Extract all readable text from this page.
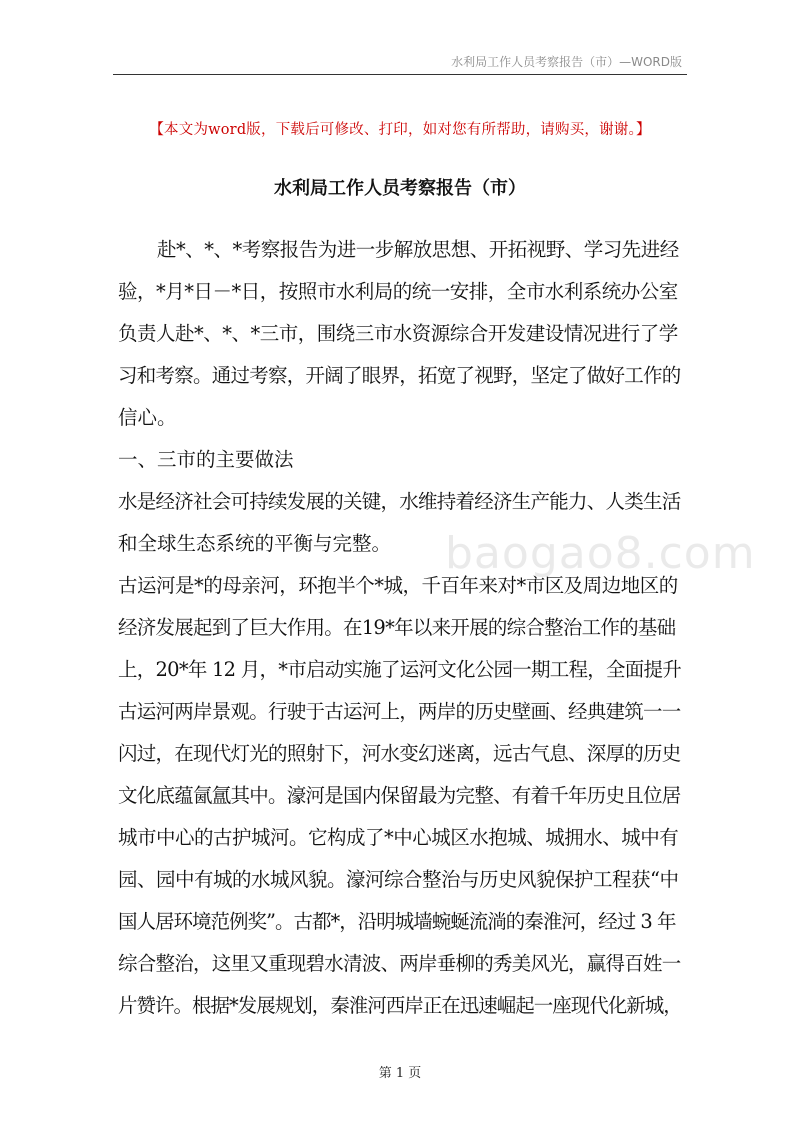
水利局工作人员考察报告（市）—WORD版
【本文为word版，下载后可修改、打印，如对您有所帮助，请购买，谢谢。】
水利局工作人员考察报告（市）
赴*、*、*考察报告为进一步解放思想、开拓视野、学习先进经
验，*月*日－*日，按照市水利局的统一安排，全市水利系统办公室
负责人赴*、*、*三市，围绕三市水资源综合开发建设情况进行了学
习和考察。通过考察，开阔了眼界，拓宽了视野，坚定了做好工作的
信心。
一、三市的主要做法
水是经济社会可持续发展的关键，水维持着经济生产能力、人类生活
和全球生态系统的平衡与完整。
古运河是*的母亲河，环抱半个*城，千百年来对*市区及周边地区的
经济发展起到了巨大作用。在19*年以来开展的综合整治工作的基础
上，20*年 12 月，*市启动实施了运河文化公园一期工程，全面提升
古运河两岸景观。行驶于古运河上，两岸的历史壁画、经典建筑一一
闪过，在现代灯光的照射下，河水变幻迷离，远古气息、深厚的历史
文化底蕴氤氲其中。濠河是国内保留最为完整、有着千年历史且位居
城市中心的古护城河。它构成了*中心城区水抱城、城拥水、城中有
园、园中有城的水城风貌。濠河综合整治与历史风貌保护工程获“中
国人居环境范例奖”。古都*，沿明城墙蜿蜒流淌的秦淮河，经过 3 年
综合整治，这里又重现碧水清波、两岸垂柳的秀美风光，赢得百姓一
片赞许。根据*发展规划，秦淮河西岸正在迅速崛起一座现代化新城，
baogao8.com
第 1 页
